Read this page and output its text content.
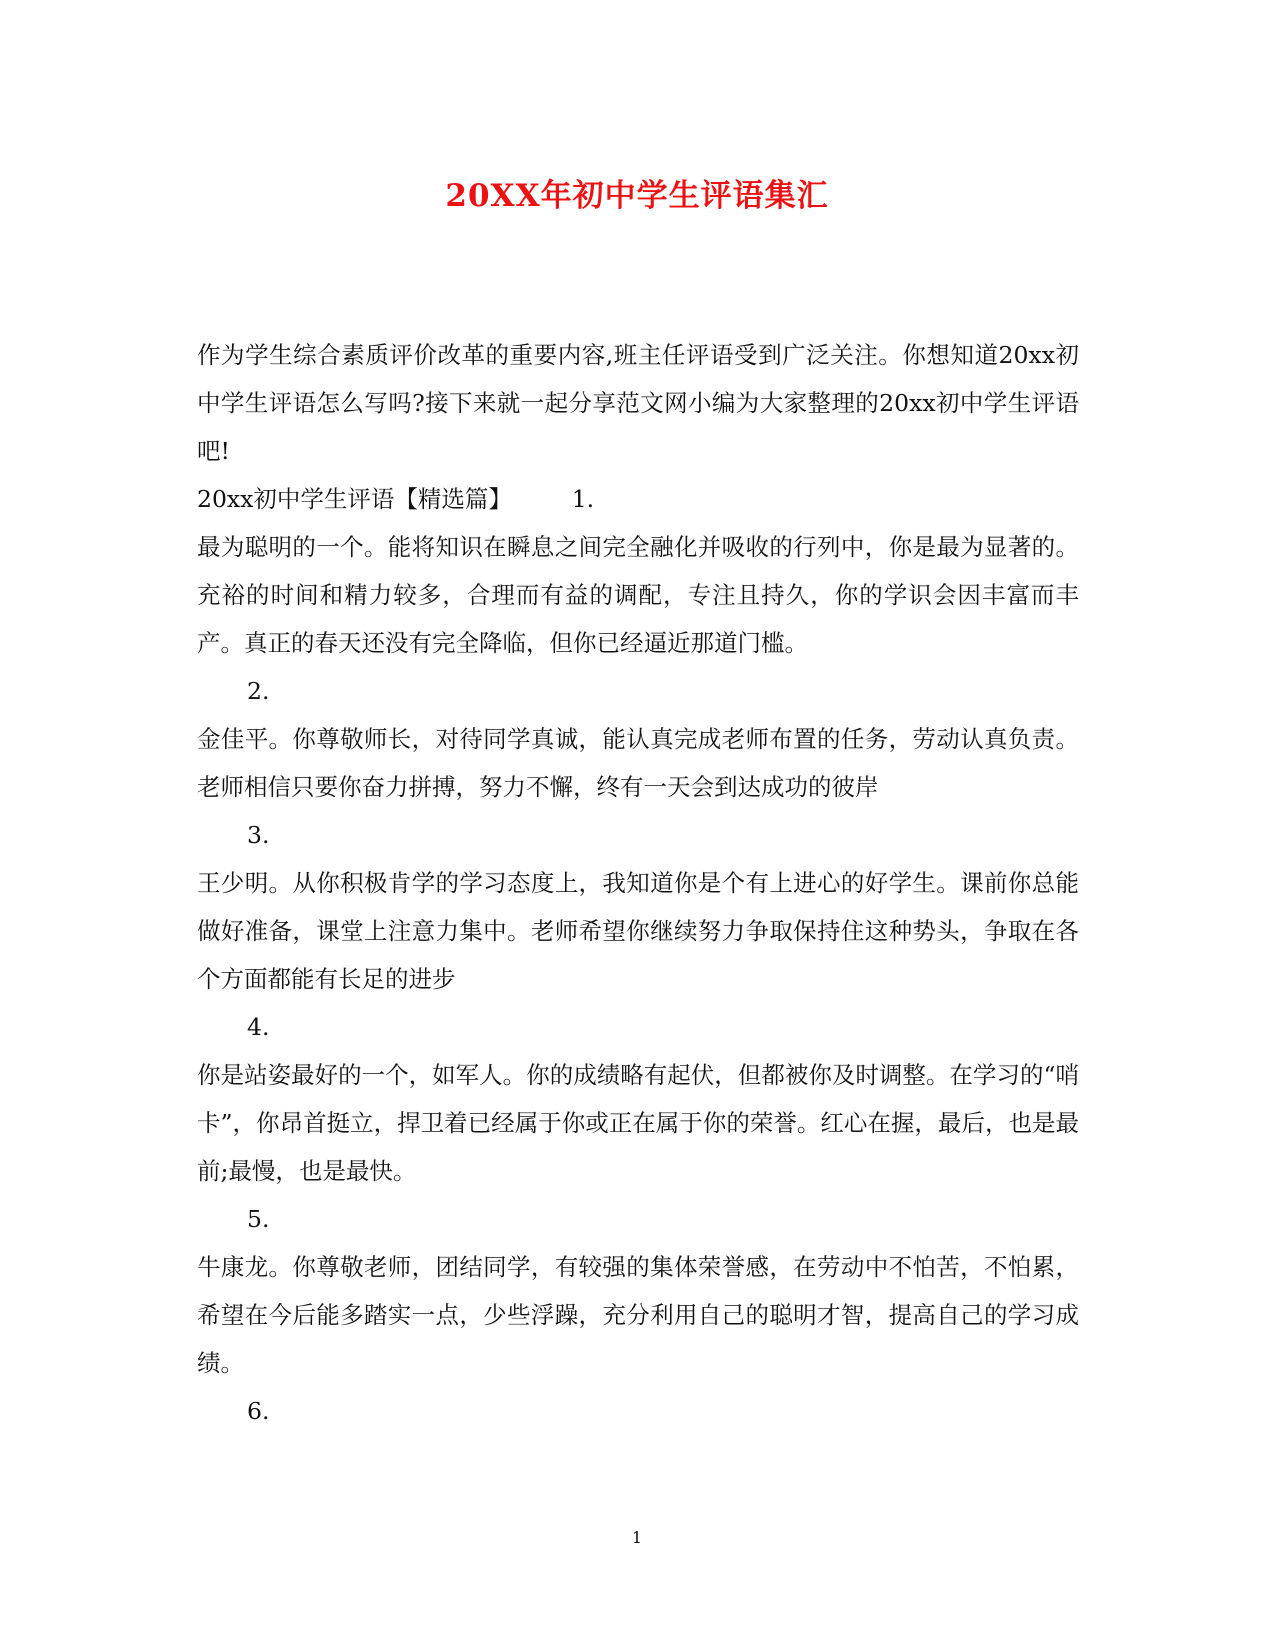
20XX年初中学生评语集汇

作为学生综合素质评价改革的重要内容,班主任评语受到广泛关注。你想知道20xx初中学生评语怎么写吗?接下来就一起分享范文网小编为大家整理的20xx初中学生评语吧!

20xx初中学生评语【精选篇】	1.

最为聪明的一个。能将知识在瞬息之间完全融化并吸收的行列中，你是最为显著的。充裕的时间和精力较多，合理而有益的调配，专注且持久，你的学识会因丰富而丰产。真正的春天还没有完全降临，但你已经逼近那道门槛。

2.

金佳平。你尊敬师长，对待同学真诚，能认真完成老师布置的任务，劳动认真负责。老师相信只要你奋力拼搏，努力不懈，终有一天会到达成功的彼岸

3.

王少明。从你积极肯学的学习态度上，我知道你是个有上进心的好学生。课前你总能做好准备，课堂上注意力集中。老师希望你继续努力争取保持住这种势头，争取在各个方面都能有长足的进步

4.

你是站姿最好的一个，如军人。你的成绩略有起伏，但都被你及时调整。在学习的“哨卡”，你昂首挺立，捍卫着已经属于你或正在属于你的荣誉。红心在握，最后，也是最前;最慢，也是最快。

5.

牛康龙。你尊敬老师，团结同学，有较强的集体荣誉感，在劳动中不怕苦，不怕累，希望在今后能多踏实一点，少些浮躁，充分利用自己的聪明才智，提高自己的学习成绩。

6.

1
